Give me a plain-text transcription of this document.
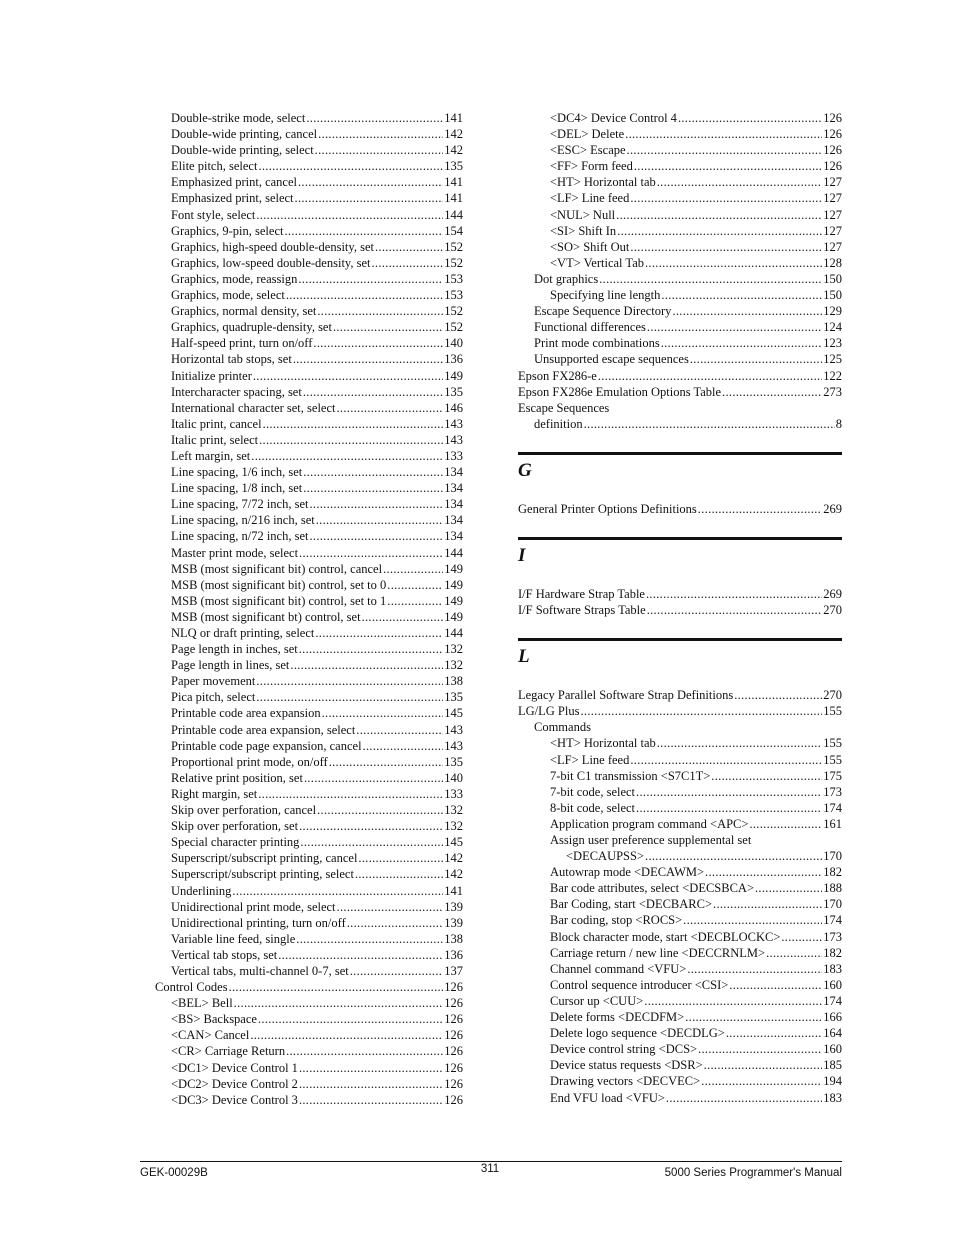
Double-strike mode, select .....	141
Double-wide printing, cancel .....	142
Double-wide printing, select .....	142
Elite pitch, select .....	135
Emphasized print, cancel .....	141
Emphasized print, select .....	141
Font style, select .....	144
Graphics, 9-pin, select .....	154
Graphics, high-speed double-density, set .....	152
Graphics, low-speed double-density, set .....	152
Graphics, mode, reassign .....	153
Graphics, mode, select .....	153
Graphics, normal density, set .....	152
Graphics, quadruple-density, set .....	152
Half-speed print, turn on/off .....	140
Horizontal tab stops, set .....	136
Initialize printer .....	149
Intercharacter spacing, set .....	135
International character set, select .....	146
Italic print, cancel .....	143
Italic print, select .....	143
Left margin, set .....	133
Line spacing, 1/6 inch, set .....	134
Line spacing, 1/8 inch, set .....	134
Line spacing, 7/72 inch, set .....	134
Line spacing, n/216 inch, set .....	134
Line spacing, n/72 inch, set .....	134
Master print mode, select .....	144
MSB (most significant bit) control, cancel .....	149
MSB (most significant bit) control, set to 0 .....	149
MSB (most significant bit) control, set to 1 .....	149
MSB (most significant bt) control, set .....	149
NLQ or draft printing, select .....	144
Page length in inches, set .....	132
Page length in lines, set .....	132
Paper movement .....	138
Pica pitch, select .....	135
Printable code area expansion .....	145
Printable code area expansion, select .....	143
Printable code page expansion, cancel .....	143
Proportional print mode, on/off .....	135
Relative print position, set .....	140
Right margin, set .....	133
Skip over perforation, cancel .....	132
Skip over perforation, set .....	132
Special character printing .....	145
Superscript/subscript printing, cancel .....	142
Superscript/subscript printing, select .....	142
Underlining .....	141
Unidirectional print mode, select .....	139
Unidirectional printing, turn on/off .....	139
Variable line feed, single .....	138
Vertical tab stops, set .....	136
Vertical tabs, multi-channel 0-7, set .....	137
Control Codes .....	126
<BEL> Bell .....	126
<BS> Backspace .....	126
<CAN> Cancel .....	126
<CR> Carriage Return .....	126
<DC1> Device Control 1 .....	126
<DC2> Device Control 2 .....	126
<DC3> Device Control 3 .....	126
<DC4> Device Control 4 .....	126
<DEL> Delete .....	126
<ESC> Escape .....	126
<FF> Form feed .....	126
<HT> Horizontal tab .....	127
<LF> Line feed .....	127
<NUL> Null .....	127
<SI> Shift In .....	127
<SO> Shift Out .....	127
<VT> Vertical Tab .....	128
Dot graphics .....	150
Specifying line length .....	150
Escape Sequence Directory .....	129
Functional differences .....	124
Print mode combinations .....	123
Unsupported escape sequences .....	125
Epson FX286-e .....	122
Epson FX286e Emulation Options Table .....	273
Escape Sequences
definition .....	8
G
General Printer Options Definitions .....	269
I
I/F Hardware Strap Table .....	269
I/F Software Straps Table .....	270
L
Legacy Parallel Software Strap Definitions .....	270
LG/LG Plus .....	155
Commands
<HT> Horizontal tab .....	155
<LF> Line feed .....	155
7-bit C1 transmission <S7C1T> .....	175
7-bit code, select .....	173
8-bit code, select .....	174
Application program command <APC> .....	161
Assign user preference supplemental set
<DECAUPSS> .....	170
Autowrap mode <DECAWM> .....	182
Bar code attributes, select <DECSBCA> .....	188
Bar Coding, start <DECBARC> .....	170
Bar coding, stop <ROCS> .....	174
Block character mode, start <DECBLOCKC> .....	173
Carriage return / new line <DECCRNLM> .....	182
Channel command <VFU> .....	183
Control sequence introducer <CSI> .....	160
Cursor up <CUU> .....	174
Delete forms <DECDFM> .....	166
Delete logo sequence <DECDLG> .....	164
Device control string <DCS> .....	160
Device status requests <DSR> .....	185
Drawing vectors <DECVEC> .....	194
End VFU load <VFU> .....	183
GEK-00029B	311	5000 Series Programmer's Manual
